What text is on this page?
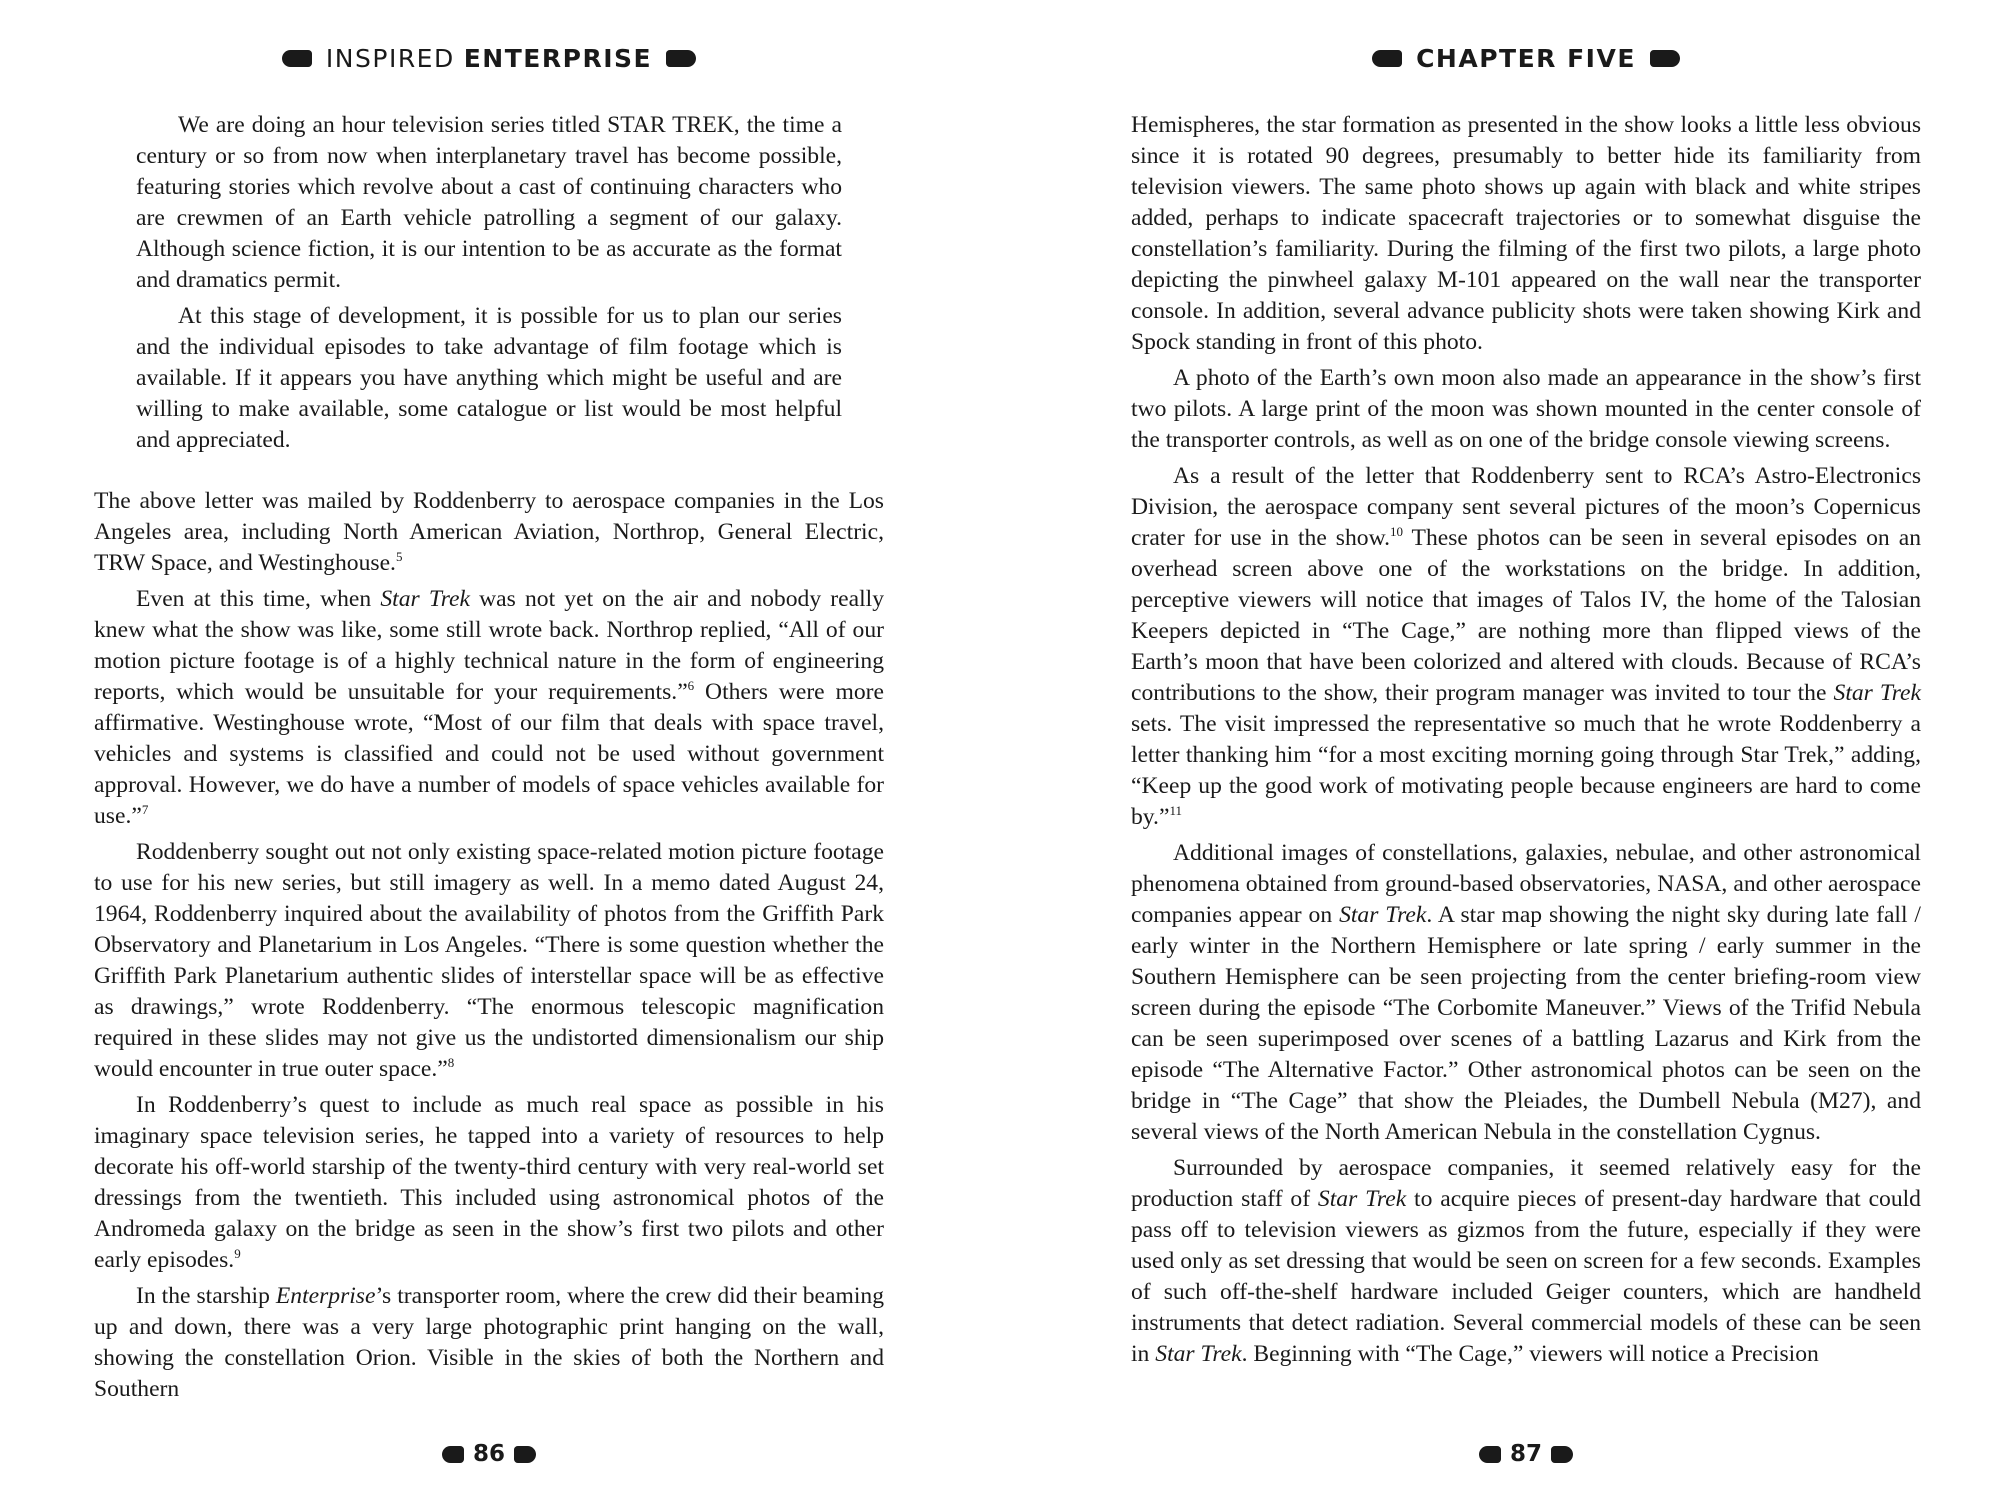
INSPIRED ENTERPRISE

We are doing an hour television series titled STAR TREK, the time a century or so from now when interplanetary travel has become possible, featuring stories which revolve about a cast of continuing characters who are crewmen of an Earth vehicle patrolling a segment of our galaxy. Although science fiction, it is our intention to be as accurate as the format and dramatics permit.

At this stage of development, it is possible for us to plan our series and the individual episodes to take advantage of film footage which is available. If it appears you have anything which might be useful and are willing to make available, some catalogue or list would be most helpful and appreciated.

The above letter was mailed by Roddenberry to aerospace companies in the Los Angeles area, including North American Aviation, Northrop, General Electric, TRW Space, and Westinghouse.$^5$

Even at this time, when Star Trek was not yet on the air and nobody really knew what the show was like, some still wrote back. Northrop replied, “All of our motion picture footage is of a highly technical nature in the form of engineering reports, which would be unsuitable for your requirements.”$^6$ Others were more affirmative. Westinghouse wrote, “Most of our film that deals with space travel, vehicles and systems is classified and could not be used without government approval. However, we do have a number of models of space vehicles available for use.”$^7$

Roddenberry sought out not only existing space-related motion picture footage to use for his new series, but still imagery as well. In a memo dated August 24, 1964, Roddenberry inquired about the availability of photos from the Griffith Park Observatory and Planetarium in Los Angeles. “There is some question whether the Griffith Park Planetarium authentic slides of interstellar space will be as effective as drawings,” wrote Roddenberry. “The enormous telescopic magnification required in these slides may not give us the undistorted dimensionalism our ship would encounter in true outer space.”$^8$

In Roddenberry’s quest to include as much real space as possible in his imaginary space television series, he tapped into a variety of resources to help decorate his off-world starship of the twenty-third century with very real-world set dressings from the twentieth. This included using astronomical photos of the Andromeda galaxy on the bridge as seen in the show’s first two pilots and other early episodes.$^9$

In the starship Enterprise’s transporter room, where the crew did their beaming up and down, there was a very large photographic print hanging on the wall, showing the constellation Orion. Visible in the skies of both the Northern and Southern

86
CHAPTER FIVE

Hemispheres, the star formation as presented in the show looks a little less obvious since it is rotated 90 degrees, presumably to better hide its familiarity from television viewers. The same photo shows up again with black and white stripes added, perhaps to indicate spacecraft trajectories or to somewhat disguise the constellation’s familiarity. During the filming of the first two pilots, a large photo depicting the pinwheel galaxy M-101 appeared on the wall near the transporter console. In addition, several advance publicity shots were taken showing Kirk and Spock standing in front of this photo.

A photo of the Earth’s own moon also made an appearance in the show’s first two pilots. A large print of the moon was shown mounted in the center console of the transporter controls, as well as on one of the bridge console viewing screens.

As a result of the letter that Roddenberry sent to RCA’s Astro-Electronics Division, the aerospace company sent several pictures of the moon’s Copernicus crater for use in the show.$^{10}$ These photos can be seen in several episodes on an overhead screen above one of the workstations on the bridge. In addition, perceptive viewers will notice that images of Talos IV, the home of the Talosian Keepers depicted in “The Cage,” are nothing more than flipped views of the Earth’s moon that have been colorized and altered with clouds. Because of RCA’s contributions to the show, their program manager was invited to tour the Star Trek sets. The visit impressed the representative so much that he wrote Roddenberry a letter thanking him “for a most exciting morning going through Star Trek,” adding, “Keep up the good work of motivating people because engineers are hard to come by.”$^{11}$

Additional images of constellations, galaxies, nebulae, and other astronomical phenomena obtained from ground-based observatories, NASA, and other aerospace companies appear on Star Trek. A star map showing the night sky during late fall / early winter in the Northern Hemisphere or late spring / early summer in the Southern Hemisphere can be seen projecting from the center briefing-room view screen during the episode “The Corbomite Maneuver.” Views of the Trifid Nebula can be seen superimposed over scenes of a battling Lazarus and Kirk from the episode “The Alternative Factor.” Other astronomical photos can be seen on the bridge in “The Cage” that show the Pleiades, the Dumbell Nebula (M27), and several views of the North American Nebula in the constellation Cygnus.

Surrounded by aerospace companies, it seemed relatively easy for the production staff of Star Trek to acquire pieces of present-day hardware that could pass off to television viewers as gizmos from the future, especially if they were used only as set dressing that would be seen on screen for a few seconds. Examples of such off-the-shelf hardware included Geiger counters, which are handheld instruments that detect radiation. Several commercial models of these can be seen in Star Trek. Beginning with “The Cage,” viewers will notice a Precision

87
